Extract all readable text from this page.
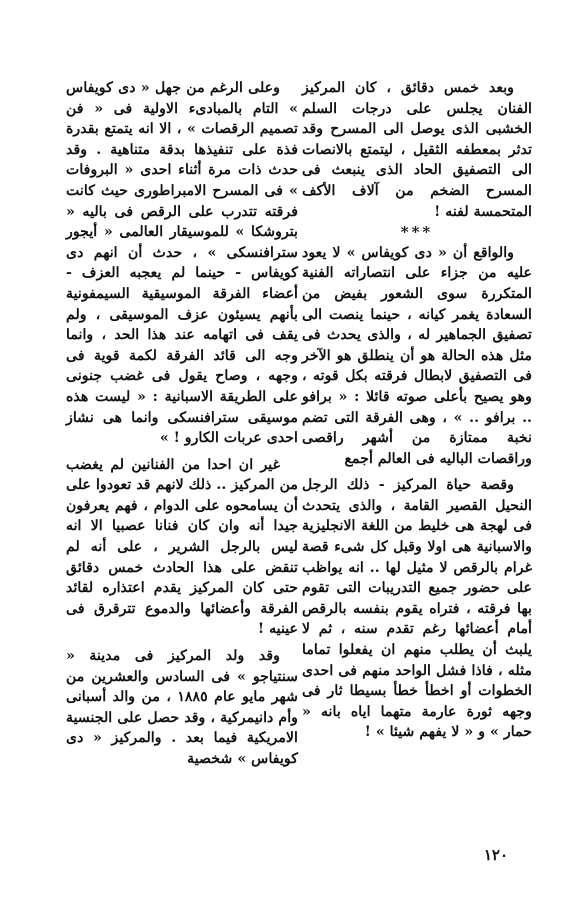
وبعد خمس دقائق ، كان المركيز الفنان يجلس على درجات السلم الخشبى الذى يوصل الى المسرح وقد تدثر بمعطفه الثقيل ، ليتمتع بالانصات الى التصفيق الحاد الذى ينبعث فى المسرح الضخم من آلاف الأكف المتحمسة لفنه !

***

والواقع أن « دى كويفاس » لا يعود عليه من جزاء على انتصاراته الفنية المتكررة سوى الشعور بفيض من السعادة يغمر كيانه ، حينما ينصت الى تصفيق الجماهير له ، والذى يحدث فى مثل هذه الحالة هو أن ينطلق هو الآخر فى التصفيق لابطال فرقته بكل قوته ، وهو يصيح بأعلى صوته قائلا : « برافو .. برافو .. » ، وهى الفرقة التى تضم نخبة ممتازة من أشهر راقصى وراقصات الباليه فى العالم أجمع

وقصة حياة المركيز - ذلك الرجل النحيل القصير القامة ، والذى يتحدث فى لهجة هى خليط من اللغة الانجليزية والاسبانية هى اولا وقبل كل شىء قصة غرام بالرقص لا مثيل لها .. انه يواظب على حضور جميع التدريبات التى تقوم بها فرقته ، فتراه يقوم بنفسه بالرقص أمام أعضائها رغم تقدم سنه ، ثم لا يلبث أن يطلب منهم ان يفعلوا تماما مثله ، فاذا فشل الواحد منهم فى احدى الخطوات أو اخطأ خطأ بسيطا ثار فى وجهه ثورة عارمة متهما اياه بانه « حمار » و « لا يفهم شيئا » !

وعلى الرغم من جهل « دى كويفاس » التام بالمبادىء الاولية فى « فن تصميم الرقصات » ، الا انه يتمتع بقدرة فذة على تنفيذها بدقة متناهية . وقد حدث ذات مرة أثناء احدى « البروفات » فى المسرح الامبراطورى حيث كانت فرقته تتدرب على الرقص فى باليه « بتروشكا » للموسيقار العالمى « أيجور سترافنسكى » ، حدث أن انهم دى كويفاس - حينما لم يعجبه العزف - أعضاء الفرقة الموسيقية السيمفونية بأنهم يسيئون عزف الموسيقى ، ولم يقف فى اتهامه عند هذا الحد ، وانما وجه الى قائد الفرقة لكمة قوية فى وجهه ، وصاح يقول فى غضب جنونى على الطريقة الاسبانية : « ليست هذه موسيقى سترافنسكى وانما هى نشاز احدى عربات الكارو ! »

غير ان احدا من الفنانين لم يغضب من المركيز .. ذلك لانهم قد تعودوا على أن يسامحوه على الدوام ، فهم يعرفون جيدا أنه وان كان فنانا عصبيا الا انه ليس بالرجل الشرير ، على أنه لم تنقض على هذا الحادث خمس دقائق حتى كان المركيز يقدم اعتذاره لقائد الفرقة وأعضائها والدموع تترقرق فى عينيه !

وقد ولد المركيز فى مدينة « سنتياجو » فى السادس والعشرين من شهر مايو عام ١٨٨٥ ، من والد أسبانى وأم دانيمركية ، وقد حصل على الجنسية الامريكية فيما بعد . والمركيز « دى كويفاس » شخصية

١٢٠
